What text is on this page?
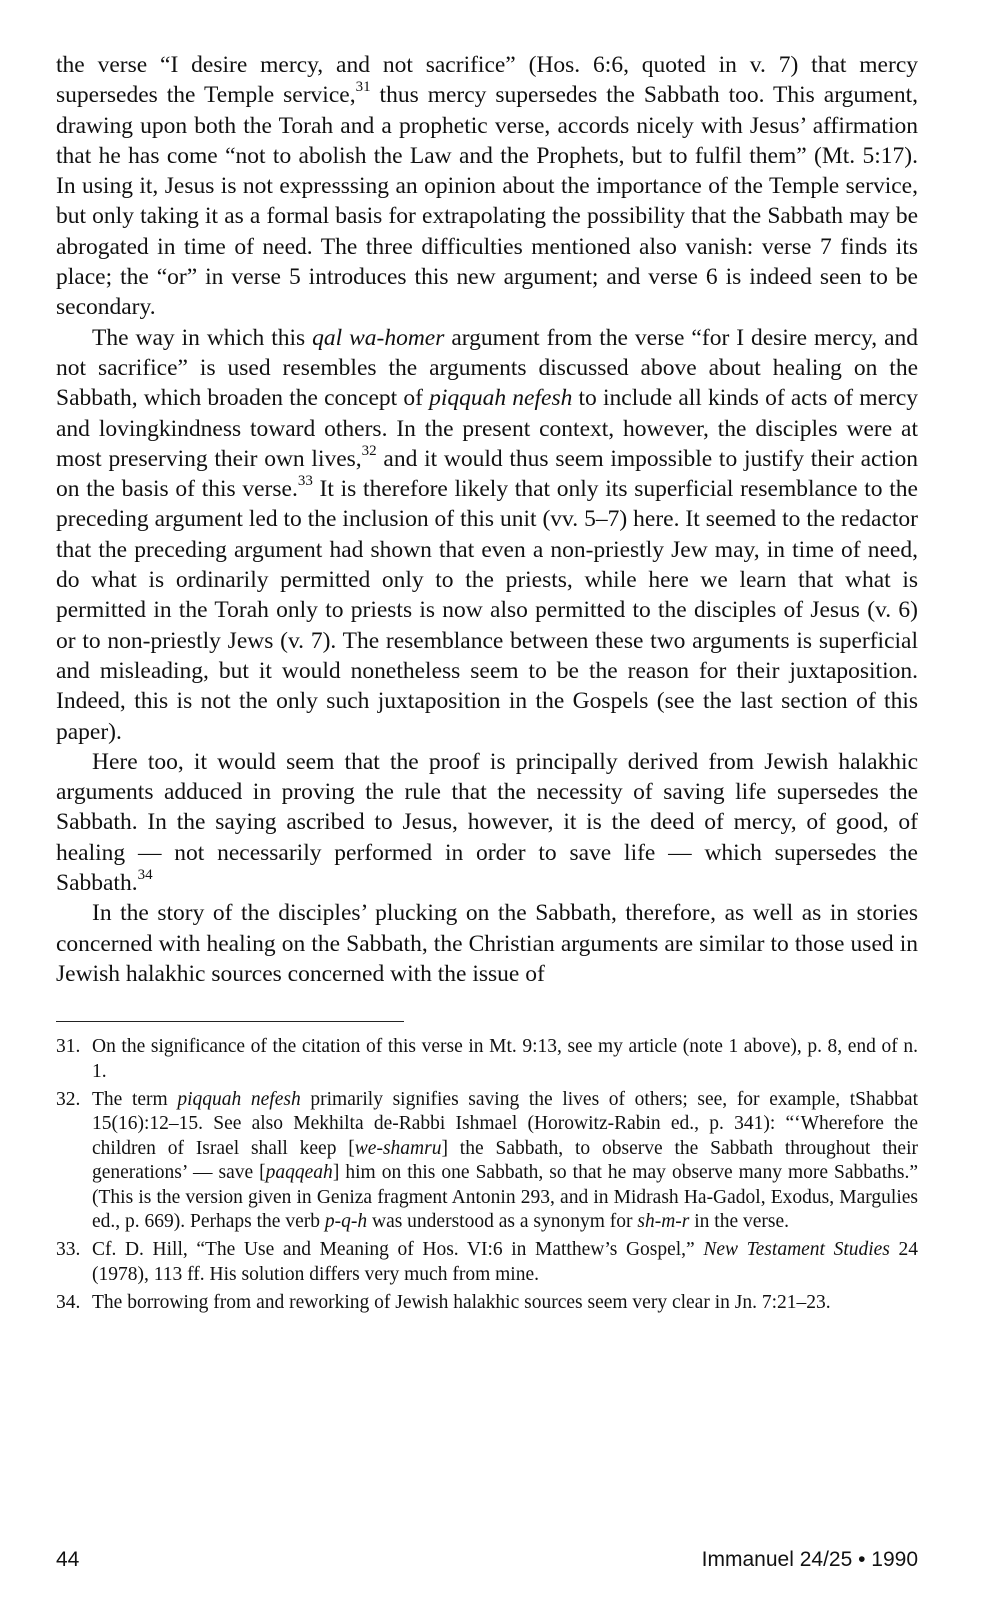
the verse “I desire mercy, and not sacrifice” (Hos. 6:6, quoted in v. 7) that mercy supersedes the Temple service,$^{31}$ thus mercy supersedes the Sabbath too. This argument, drawing upon both the Torah and a prophetic verse, accords nicely with Jesus’ affirmation that he has come “not to abolish the Law and the Prophets, but to fulfil them” (Mt. 5:17). In using it, Jesus is not expresssing an opinion about the importance of the Temple service, but only taking it as a formal basis for extrapolating the possibility that the Sabbath may be abrogated in time of need. The three difficulties mentioned also vanish: verse 7 finds its place; the “or” in verse 5 introduces this new argument; and verse 6 is indeed seen to be secondary.

The way in which this qal wa-homer argument from the verse “for I desire mercy, and not sacrifice” is used resembles the arguments discussed above about healing on the Sabbath, which broaden the concept of piqquah nefesh to include all kinds of acts of mercy and lovingkindness toward others. In the present context, however, the disciples were at most preserving their own lives,$^{32}$ and it would thus seem impossible to justify their action on the basis of this verse.$^{33}$ It is therefore likely that only its superficial resemblance to the preceding argument led to the inclusion of this unit (vv. 5–7) here. It seemed to the redactor that the preceding argument had shown that even a non-priestly Jew may, in time of need, do what is ordinarily permitted only to the priests, while here we learn that what is permitted in the Torah only to priests is now also permitted to the disciples of Jesus (v. 6) or to non-priestly Jews (v. 7). The resemblance between these two arguments is superficial and misleading, but it would nonetheless seem to be the reason for their juxtaposition. Indeed, this is not the only such juxtaposition in the Gospels (see the last section of this paper).

Here too, it would seem that the proof is principally derived from Jewish halakhic arguments adduced in proving the rule that the necessity of saving life supersedes the Sabbath. In the saying ascribed to Jesus, however, it is the deed of mercy, of good, of healing — not necessarily performed in order to save life — which supersedes the Sabbath.$^{34}$

In the story of the disciples’ plucking on the Sabbath, therefore, as well as in stories concerned with healing on the Sabbath, the Christian arguments are similar to those used in Jewish halakhic sources concerned with the issue of

31. On the significance of the citation of this verse in Mt. 9:13, see my article (note 1 above), p. 8, end of n. 1.
32. The term piqquah nefesh primarily signifies saving the lives of others; see, for example, tShabbat 15(16):12–15. See also Mekhilta de-Rabbi Ishmael (Horowitz-Rabin ed., p. 341): “‘Wherefore the children of Israel shall keep [we-shamru] the Sabbath, to observe the Sabbath throughout their generations’ — save [paqqeah] him on this one Sabbath, so that he may observe many more Sabbaths.” (This is the version given in Geniza fragment Antonin 293, and in Midrash Ha-Gadol, Exodus, Margulies ed., p. 669). Perhaps the verb p-q-h was understood as a synonym for sh-m-r in the verse.
33. Cf. D. Hill, “The Use and Meaning of Hos. VI:6 in Matthew’s Gospel,” New Testament Studies 24 (1978), 113 ff. His solution differs very much from mine.
34. The borrowing from and reworking of Jewish halakhic sources seem very clear in Jn. 7:21–23.
44	Immanuel 24/25 • 1990
